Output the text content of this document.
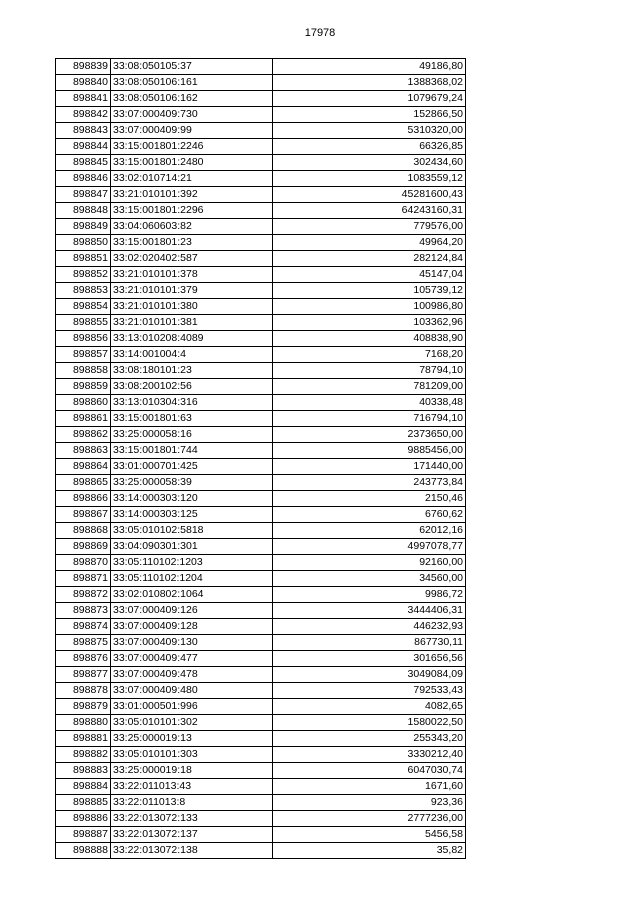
17978
898839	33:08:050105:37	49186,80
898840	33:08:050106:161	1388368,02
898841	33:08:050106:162	1079679,24
898842	33:07:000409:730	152866,50
898843	33:07:000409:99	5310320,00
898844	33:15:001801:2246	66326,85
898845	33:15:001801:2480	302434,60
898846	33:02:010714:21	1083559,12
898847	33:21:010101:392	45281600,43
898848	33:15:001801:2296	64243160,31
898849	33:04:060603:82	779576,00
898850	33:15:001801:23	49964,20
898851	33:02:020402:587	282124,84
898852	33:21:010101:378	45147,04
898853	33:21:010101:379	105739,12
898854	33:21:010101:380	100986,80
898855	33:21:010101:381	103362,96
898856	33:13:010208:4089	408838,90
898857	33:14:001004:4	7168,20
898858	33:08:180101:23	78794,10
898859	33:08:200102:56	781209,00
898860	33:13:010304:316	40338,48
898861	33:15:001801:63	716794,10
898862	33:25:000058:16	2373650,00
898863	33:15:001801:744	9885456,00
898864	33:01:000701:425	171440,00
898865	33:25:000058:39	243773,84
898866	33:14:000303:120	2150,46
898867	33:14:000303:125	6760,62
898868	33:05:010102:5818	62012,16
898869	33:04:090301:301	4997078,77
898870	33:05:110102:1203	92160,00
898871	33:05:110102:1204	34560,00
898872	33:02:010802:1064	9986,72
898873	33:07:000409:126	3444406,31
898874	33:07:000409:128	446232,93
898875	33:07:000409:130	867730,11
898876	33:07:000409:477	301656,56
898877	33:07:000409:478	3049084,09
898878	33:07:000409:480	792533,43
898879	33:01:000501:996	4082,65
898880	33:05:010101:302	1580022,50
898881	33:25:000019:13	255343,20
898882	33:05:010101:303	3330212,40
898883	33:25:000019:18	6047030,74
898884	33:22:011013:43	1671,60
898885	33:22:011013:8	923,36
898886	33:22:013072:133	2777236,00
898887	33:22:013072:137	5456,58
898888	33:22:013072:138	35,82
